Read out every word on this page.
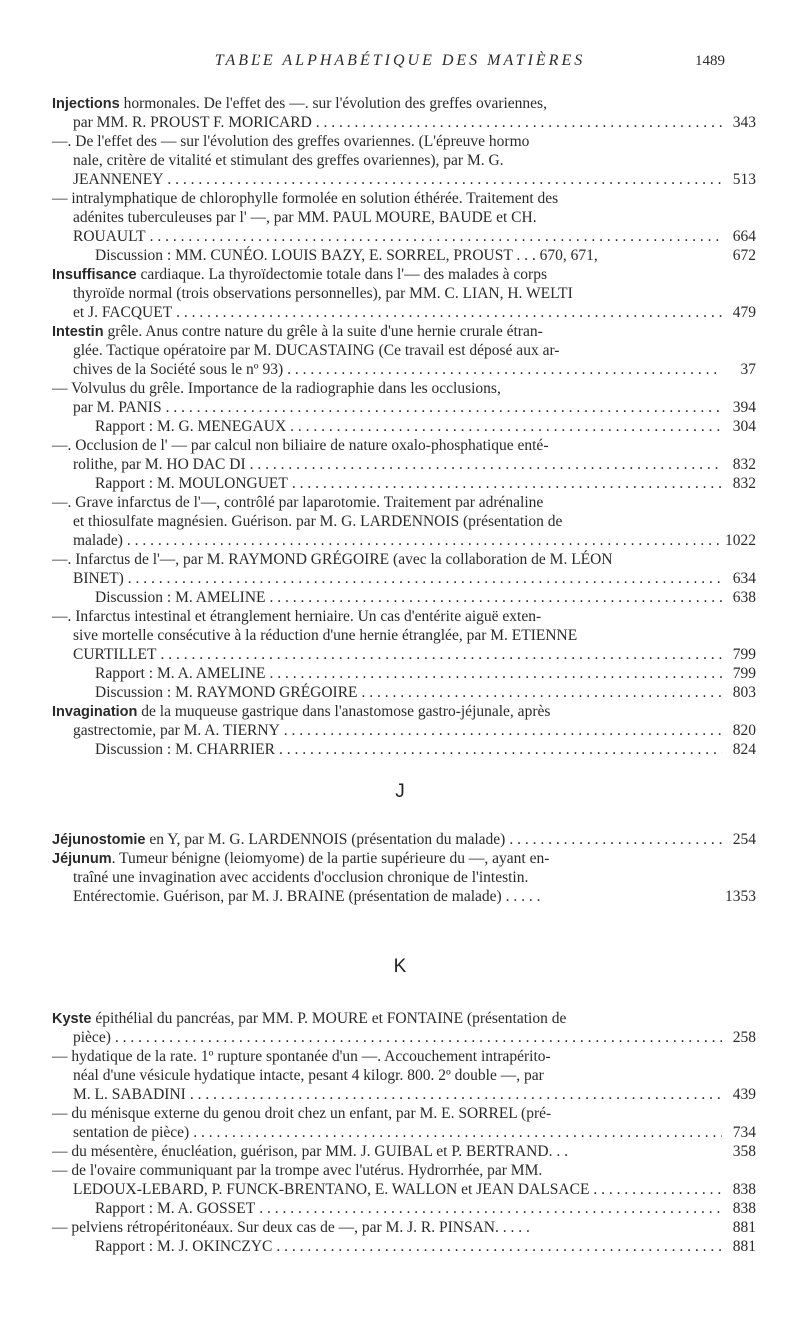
TABĽE ALPHABÉTIQUE DES MATIÈRES	1489
Injections hormonales. De l'effet des —. sur l'évolution des greffes ovariennes,
par MM. R. PROUST F. MORICARD . . .	343
—. De l'effet des — sur l'évolution des greffes ovariennes. (L'épreuve hormo
nale, critère de vitalité et stimulant des greffes ovariennes), par M. G.
JEANNENEY . . .	513
— intralymphatique de chlorophylle formolée en solution éthérée. Traitement des
adénites tuberculeuses par l' —, par MM. PAUL MOURE, BAUDE et CH.
ROUAULT . . .	664
Discussion : MM. CUNÉO. LOUIS BAZY, E. SORREL, PROUST . . . 670, 671,	672
Insuffisance cardiaque. La thyroïdectomie totale dans l'— des malades à corps
thyroïde normal (trois observations personnelles), par MM. C. LIAN, H. WELTI
et J. FACQUET . . .	479
Intestin grêle. Anus contre nature du grêle à la suite d'une hernie crurale étran-
glée. Tactique opératoire par M. DUCASTAING (Ce travail est déposé aux ar-
chives de la Société sous le nº 93) . . .	37
— Volvulus du grêle. Importance de la radiographie dans les occlusions,
par M. PANIS . . .	394
Rapport : M. G. MENEGAUX . . .	304
—. Occlusion de l' — par calcul non biliaire de nature oxalo-phosphatique enté-
rolithe, par M. HO DAC DI . . .	832
Rapport : M. MOULONGUET . . .	832
—. Grave infarctus de l'—, contrôlé par laparotomie. Traitement par adrénaline
et thiosulfate magnésien. Guérison. par M. G. LARDENNOIS (présentation de
malade) . . .	1022
—. Infarctus de l'—, par M. RAYMOND GRÉGOIRE (avec la collaboration de M. LÉON
BINET) . . .	634
Discussion : M. AMELINE . . .	638
—. Infarctus intestinal et étranglement herniaire. Un cas d'entérite aiguë exten-
sive mortelle consécutive à la réduction d'une hernie étranglée, par M. ETIENNE
CURTILLET . . .	799
Rapport : M. A. AMELINE . . .	799
Discussion : M. RAYMOND GRÉGOIRE . . .	803
Invagination de la muqueuse gastrique dans l'anastomose gastro-jéjunale, après
gastrectomie, par M. A. TIERNY . . .	820
Discussion : M. CHARRIER . . .	824
J
Jéjunostomie en Y, par M. G. LARDENNOIS (présentation du malade) . . .	254
Jéjunum. Tumeur bénigne (leiomyome) de la partie supérieure du —, ayant en-
traîné une invagination avec accidents d'occlusion chronique de l'intestin.
Entérectomie. Guérison, par M. J. BRAINE (présentation de malade) . . . . .	1353
K
Kyste épithélial du pancréas, par MM. P. MOURE et FONTAINE (présentation de
pièce) . . .	258
— hydatique de la rate. 1º rupture spontanée d'un —. Accouchement intrapérito-
néal d'une vésicule hydatique intacte, pesant 4 kilogr. 800. 2º double —, par
M. L. SABADINI . . .	439
— du ménisque externe du genou droit chez un enfant, par M. E. SORREL (pré-
sentation de pièce) . . .	734
— du mésentère, énucléation, guérison, par MM. J. GUIBAL et P. BERTRAND. . .	358
— de l'ovaire communiquant par la trompe avec l'utérus. Hydrorrhée, par MM.
LEDOUX-LEBARD, P. FUNCK-BRENTANO, E. WALLON et JEAN DALSACE . . .	838
Rapport : M. A. GOSSET . . .	838
— pelviens rétropéritonéaux. Sur deux cas de —, par M. J. R. PINSAN. . . . .	881
Rapport : M. J. OKINCZYC . . .	881
